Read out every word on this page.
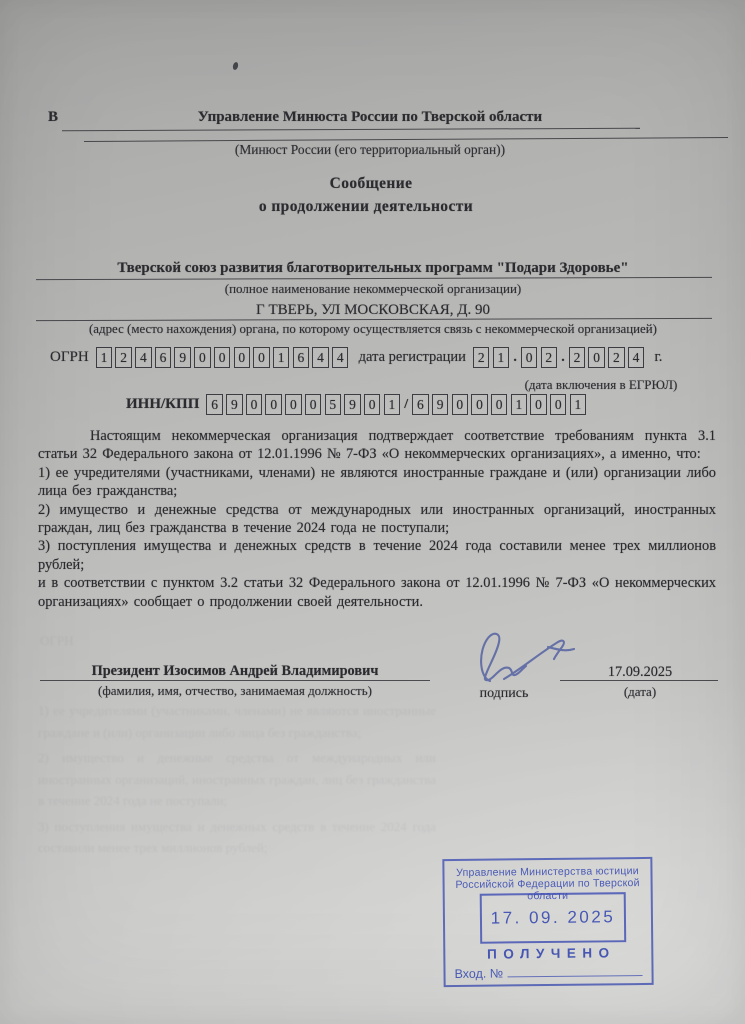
В	Управление Минюста России по Тверской области
(Минюст России (его территориальный орган))
Сообщение
о продолжении деятельности
Тверской союз развития благотворительных программ "Подари Здоровье"
(полное наименование некоммерческой организации)
Г ТВЕРЬ, УЛ МОСКОВСКАЯ, Д. 90
(адрес (место нахождения) органа, по которому осуществляется связь с некоммерческой организацией)
ОГРН 1 2 4 6 9 0 0 0 0 1 6 4 4	дата регистрации 2 1 . 0 2 . 2 0 2 4	г.
(дата включения в ЕГРЮЛ)
ИНН/КПП 6 9 0 0 0 0 5 9 0 1 / 6 9 0 0 0 1 0 0 1

Настоящим некоммерческая организация подтверждает соответствие требованиям пункта 3.1 статьи 32 Федерального закона от 12.01.1996 № 7-ФЗ «О некоммерческих организациях», а именно, что:

1) ее учредителями (участниками, членами) не являются иностранные граждане и (или) организации либо лица без гражданства;

2) имущество и денежные средства от международных или иностранных организаций, иностранных граждан, лиц без гражданства в течение 2024 года не поступали;

3) поступления имущества и денежных средств в течение 2024 года составили менее трех миллионов рублей;

и в соответствии с пунктом 3.2 статьи 32 Федерального закона от 12.01.1996 № 7-ФЗ «О некоммерческих организациях» сообщает о продолжении своей деятельности.

ОГРН
Президент Изосимов Андрей Владимирович
(фамилия, имя, отчество, занимаемая должность)	подпись
17.09.2025
(дата)

1) ее учредителями (участниками, членами) не являются иностранные граждане и (или) организации либо лица без гражданства;

2) имущество и денежные средства от международных или иностранных организаций, иностранных граждан, лиц без гражданства в течение 2024 года не поступали;

3) поступления имущества и денежных средств в течение 2024 года составили менее трех миллионов рублей;

Управление Министерства юстиции
Российской Федерации по Тверской области
17. 09. 2025
ПОЛУЧЕНО
Вход. №
